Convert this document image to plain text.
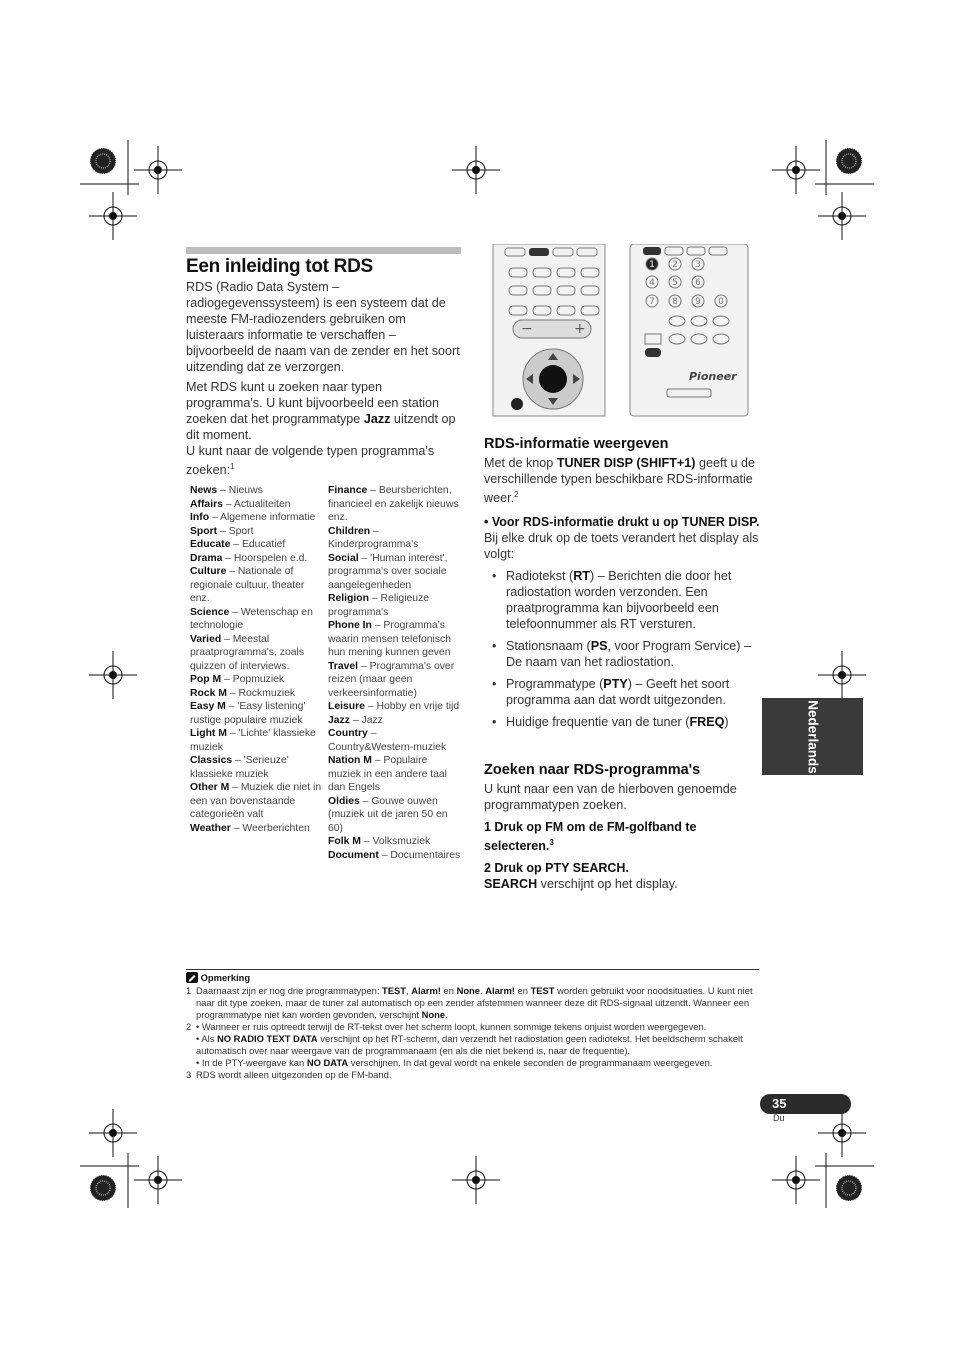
Een inleiding tot RDS

RDS (Radio Data System – radiogegevenssysteem) is een systeem dat de meeste FM-radiozenders gebruiken om luisteraars informatie te verschaffen – bijvoorbeeld de naam van de zender en het soort uitzending dat ze verzorgen.

Met RDS kunt u zoeken naar typen programma's. U kunt bijvoorbeeld een station zoeken dat het programmatype Jazz uitzendt op dit moment.

U kunt naar de volgende typen programma's zoeken:$^1$

News – Nieuws

Affairs – Actualiteiten

Info – Algemene informatie

Sport – Sport

Educate – Educatief

Drama – Hoorspelen e.d.

Culture – Nationale of regionale cultuur, theater enz.

Science – Wetenschap en technologie

Varied – Meestal praatprogramma's, zoals quizzen of interviews.

Pop M – Popmuziek

Rock M – Rockmuziek

Easy M – 'Easy listening' rustige populaire muziek

Light M – 'Lichte' klassieke muziek

Classics – 'Serieuze' klassieke muziek

Other M – Muziek die niet in een van bovenstaande categorieën valt

Weather – Weerberichten

Finance – Beursberichten, financieel en zakelijk nieuws enz.

Children – Kinderprogramma's

Social – 'Human interest', programma's over sociale aangelegenheden

Religion – Religieuze programma's

Phone In – Programma's waarin mensen telefonisch hun mening kunnen geven

Travel – Programma's over reizen (maar geen verkeersinformatie)

Leisure – Hobby en vrije tijd

Jazz – Jazz

Country – Country&Western-muziek

Nation M – Populaire muziek in een andere taal dan Engels

Oldies – Gouwe ouwen (muziek uit de jaren 50 en 60)

Folk M – Volksmuziek

Document – Documentaires

−	+
1 2 3
4 5 6
7 8 9 0
Pioneer
RDS-informatie weergeven

Met de knop TUNER DISP (SHIFT+1) geeft u de verschillende typen beschikbare RDS-informatie weer.$^2$

• Voor RDS-informatie drukt u op TUNER DISP.

Bij elke druk op de toets verandert het display als volgt:

• Radiotekst (RT) – Berichten die door het radiostation worden verzonden. Een praatprogramma kan bijvoorbeeld een telefoonnummer als RT versturen.
• Stationsnaam (PS, voor Program Service) – De naam van het radiostation.
• Programmatype (PTY) – Geeft het soort programma aan dat wordt uitgezonden.
• Huidige frequentie van de tuner (FREQ)
Zoeken naar RDS-programma's

U kunt naar een van de hierboven genoemde programmatypen zoeken.

1 Druk op FM om de FM-golfband te selecteren.$^3$

2 Druk op PTY SEARCH.

SEARCH verschijnt op het display.

Nederlands
Opmerking
1 Daarnaast zijn er nog drie programmatypen: TEST, Alarm! en None. Alarm! en TEST worden gebruikt voor noodsituaties. U kunt niet naar dit type zoeken, maar de tuner zal automatisch op een zender afstemmen wanneer deze dit RDS-signaal uitzendt. Wanneer een programmatype niet kan worden gevonden, verschijnt None.
2 • Wanneer er ruis optreedt terwijl de RT-tekst over het scherm loopt, kunnen sommige tekens onjuist worden weergegeven.
• Als NO RADIO TEXT DATA verschijnt op het RT-scherm, dan verzendt het radiostation geen radiotekst. Het beeldscherm schakelt automatisch over naar weergave van de programmanaam (en als die niet bekend is, naar de frequentie).
• In de PTY-weergave kan NO DATA verschijnen. In dat geval wordt na enkele seconden de programmanaam weergegeven.
3 RDS wordt alleen uitgezonden op de FM-band.
35
Du
